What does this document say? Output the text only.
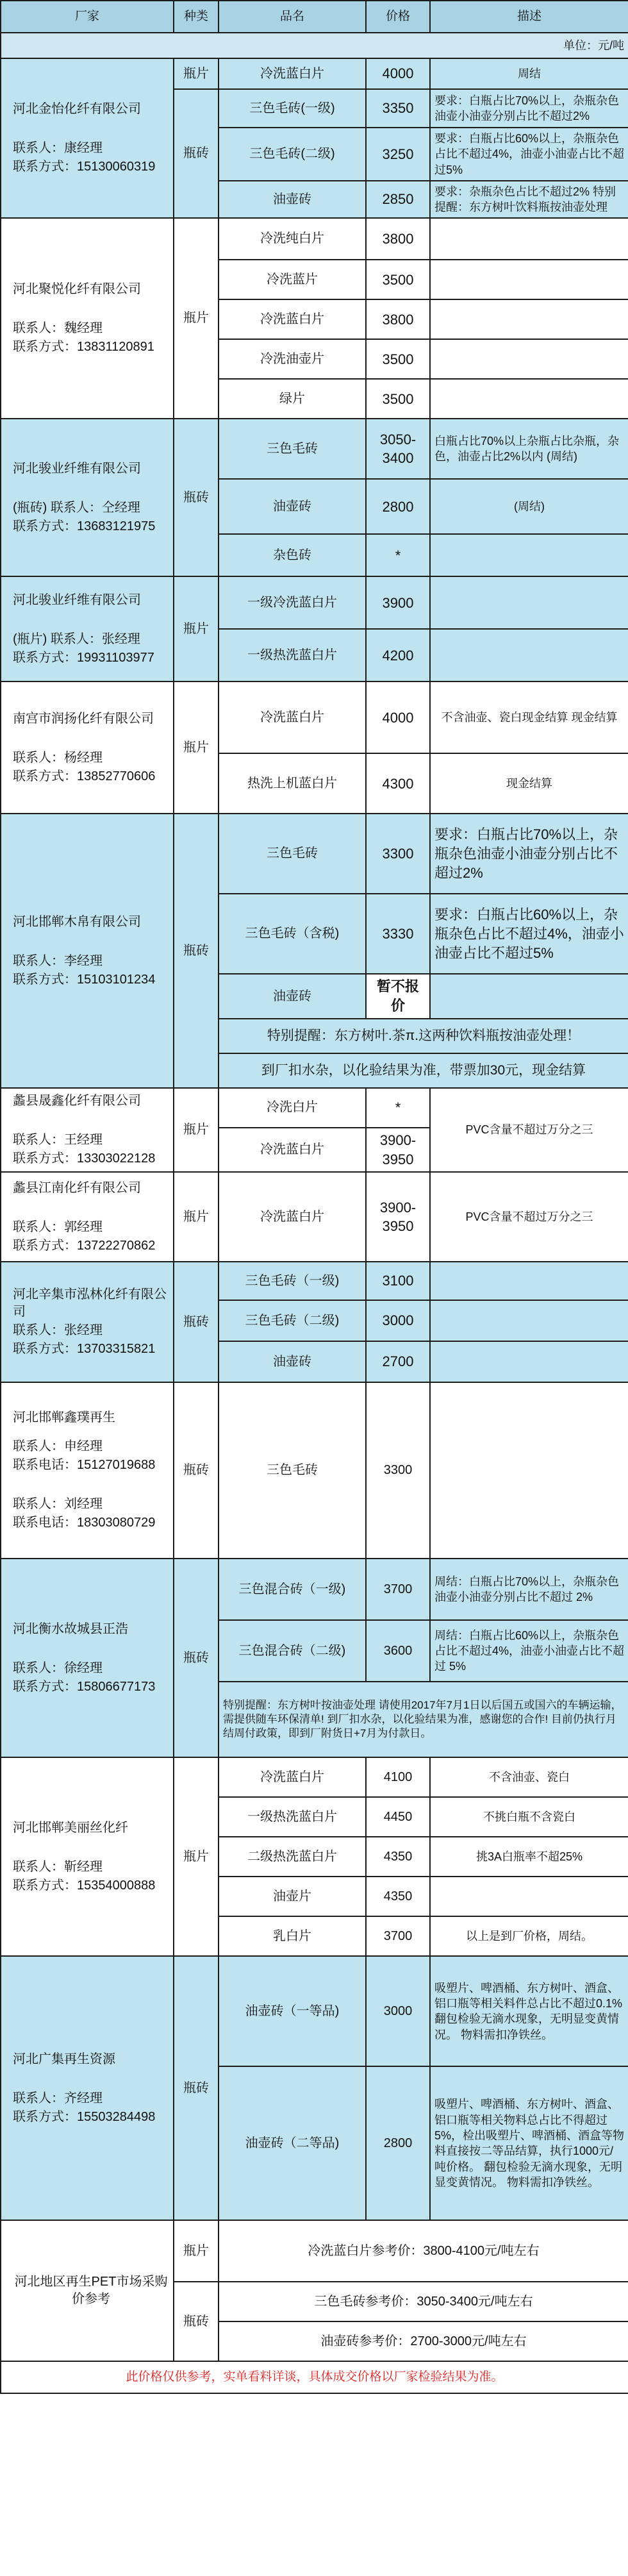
厂家	种类	品名	价格	描述
单位：元/吨				

河北金怡化纤有限公司
联系人：康经理
联系方式：15130060319	瓶片	冷洗蓝白片	4000	周结
	瓶砖	三色毛砖(一级)	3350	要求：白瓶占比70%以上，杂瓶杂色油壶小油壶分别占比不超过2%
		三色毛砖(二级)	3250	要求：白瓶占比60%以上，杂瓶杂色占比不超过4%，油壶小油壶占比不超过5%
		油壶砖	2850	要求：杂瓶杂色占比不超过2% 特别提醒：东方树叶饮料瓶按油壶处理

河北聚悦化纤有限公司
联系人：魏经理
联系方式：13831120891	瓶片	冷洗纯白片	3800	
		冷洗蓝片	3500	
		冷洗蓝白片	3800	
		冷洗油壶片	3500	
		绿片	3500	

河北骏业纤维有限公司
(瓶砖) 联系人：仝经理
联系方式：13683121975	瓶砖	三色毛砖	3050-3400	白瓶占比70%以上杂瓶占比杂瓶，杂色，油壶占比2%以内 (周结)
		油壶砖	2800	(周结)
		杂色砖	*	

河北骏业纤维有限公司
(瓶片) 联系人：张经理
联系方式：19931103977	瓶片	一级冷洗蓝白片	3900	
		一级热洗蓝白片	4200	

南宫市润扬化纤有限公司
联系人：杨经理
联系方式：13852770606	瓶片	冷洗蓝白片	4000	不含油壶、瓷白现金结算 现金结算
		热洗上机蓝白片	4300	现金结算

河北邯郸木帛有限公司
联系人：李经理
联系方式：15103101234	瓶砖	三色毛砖	3300	要求：白瓶占比70%以上，杂瓶杂色油壶小油壶分别占比不超过2%
		三色毛砖（含税)	3330	要求：白瓶占比60%以上，杂瓶杂色占比不超过4%，油壶小油壶占比不超过5%
		油壶砖	暂不报价	
		特别提醒：东方树叶.茶π.这两种饮料瓶按油壶处理！		
		到厂扣水杂，以化验结果为准，带票加30元，现金结算		

蠡县晟鑫化纤有限公司
联系人：王经理
联系方式：13303022128	瓶片	冷洗白片	*	PVC含量不超过万分之三
		冷洗蓝白片	3900-3950	

蠡县江南化纤有限公司
联系人：郭经理
联系方式：13722270862	瓶片	冷洗蓝白片	3900-3950	PVC含量不超过万分之三

河北辛集市泓林化纤有限公司
联系人：张经理
联系方式：13703315821	瓶砖	三色毛砖（一级)	3100	
		三色毛砖（二级)	3000	
		油壶砖	2700	

河北邯郸鑫璞再生
联系人：申经理
联系电话：15127019688
联系人：刘经理
联系电话：18303080729	瓶砖	三色毛砖	3300	

河北衡水故城县正浩
联系人：徐经理
联系方式：15806677173	瓶砖	三色混合砖（一级)	3700	周结：白瓶占比70%以上，杂瓶杂色油壶小油壶分别占比不超过 2%
		三色混合砖（二级)	3600	周结：白瓶占比60%以上，杂瓶杂色占比不超过4%，油壶小油壶占比不超过 5%
		特别提醒：东方树叶按油壶处理 请使用2017年7月1日以后国五或国六的车辆运输，需提供随车环保清单! 到厂扣水杂，以化验结果为准，感谢您的合作! 目前仍执行月结周付政策，即到厂附货日+7月为付款日。		

河北邯郸美丽丝化纤
联系人：靳经理
联系方式：15354000888	瓶片	冷洗蓝白片	4100	不含油壶、瓷白
		一级热洗蓝白片	4450	不挑白瓶不含瓷白
		二级热洗蓝白片	4350	挑3A白瓶率不超25%
		油壶片	4350	
		乳白片	3700	以上是到厂价格，周结。

河北广集再生资源
联系人：齐经理
联系方式：15503284498	瓶砖	油壶砖（一等品)	3000	吸塑片、啤酒桶、东方树叶、酒盒、铝口瓶等相关料件总占比不超过0.1% 翻包检验无滴水现象，无明显变黄情况。 物料需扣净铁丝。
		油壶砖（二等品)	2800	吸塑片、啤酒桶、东方树叶、酒盒、铝口瓶等相关物料总占比不得超过5%，检出吸塑片、啤酒桶、酒盒等物料直接按二等品结算，执行1000元/吨价格。 翻包检验无滴水现象，无明显变黄情况。 物料需扣净铁丝。
河北地区再生PET市场采购价参考	瓶片	冷洗蓝白片参考价：3800-4100元/吨左右		
	瓶砖	三色毛砖参考价：3050-3400元/吨左右		
		油壶砖参考价：2700-3000元/吨左右		
此价格仅供参考，实单看料详谈，具体成交价格以厂家检验结果为准。				
